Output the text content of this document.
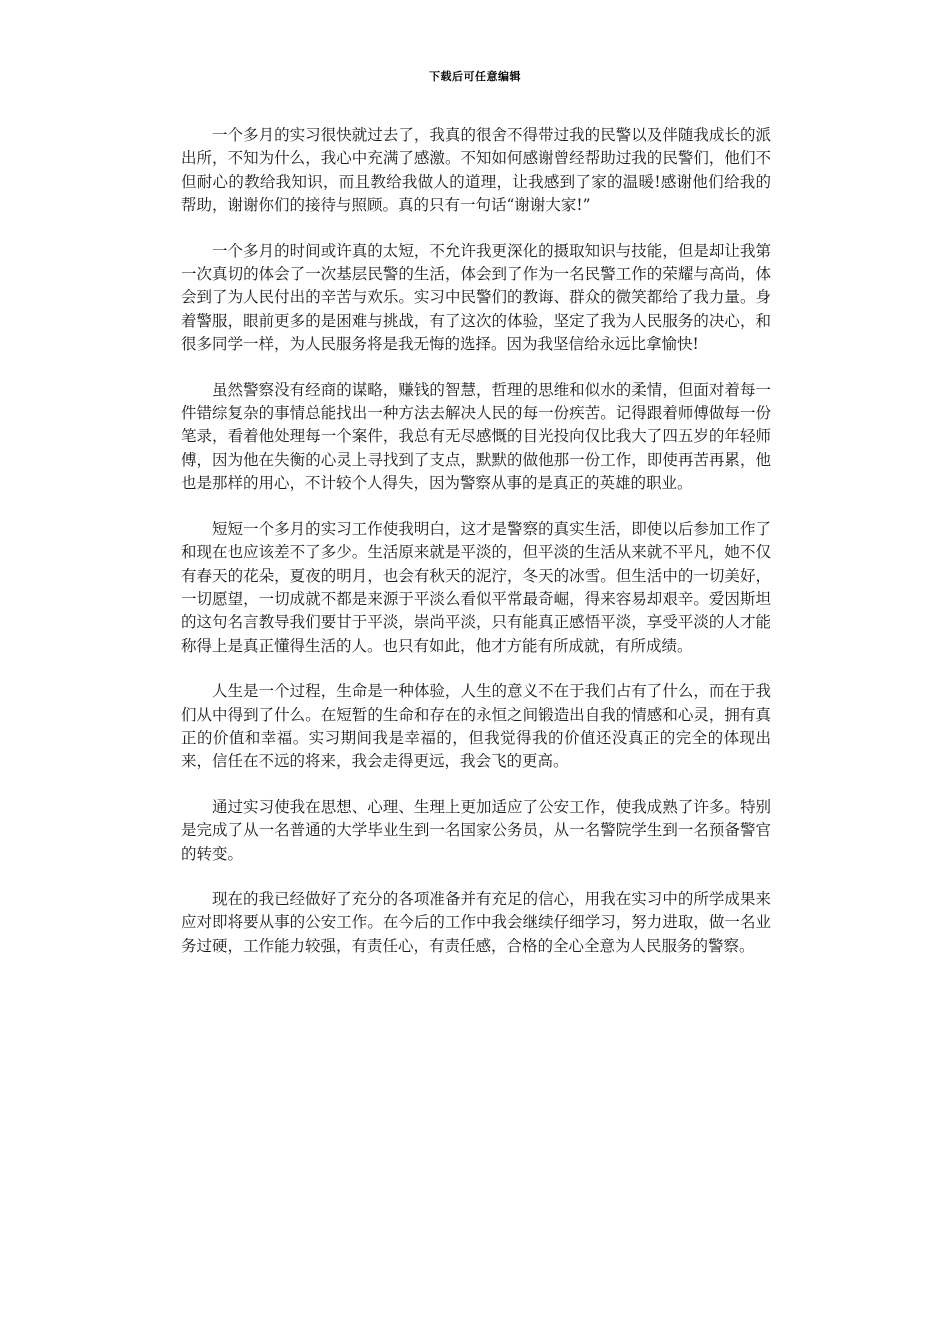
下载后可任意编辑

一个多月的实习很快就过去了，我真的很舍不得带过我的民警以及伴随我成长的派出所，不知为什么，我心中充满了感激。不知如何感谢曾经帮助过我的民警们，他们不但耐心的教给我知识，而且教给我做人的道理，让我感到了家的温暖!感谢他们给我的帮助，谢谢你们的接待与照顾。真的只有一句话“谢谢大家!”

一个多月的时间或许真的太短，不允许我更深化的摄取知识与技能，但是却让我第一次真切的体会了一次基层民警的生活，体会到了作为一名民警工作的荣耀与高尚，体会到了为人民付出的辛苦与欢乐。实习中民警们的教诲、群众的微笑都给了我力量。身着警服，眼前更多的是困难与挑战，有了这次的体验，坚定了我为人民服务的决心，和很多同学一样，为人民服务将是我无悔的选择。因为我坚信给永远比拿愉快!

虽然警察没有经商的谋略，赚钱的智慧，哲理的思维和似水的柔情，但面对着每一件错综复杂的事情总能找出一种方法去解决人民的每一份疾苦。记得跟着师傅做每一份笔录，看着他处理每一个案件，我总有无尽感慨的目光投向仅比我大了四五岁的年轻师傅，因为他在失衡的心灵上寻找到了支点，默默的做他那一份工作，即使再苦再累，他也是那样的用心，不计较个人得失，因为警察从事的是真正的英雄的职业。

短短一个多月的实习工作使我明白，这才是警察的真实生活，即使以后参加工作了和现在也应该差不了多少。生活原来就是平淡的，但平淡的生活从来就不平凡，她不仅有春天的花朵，夏夜的明月，也会有秋天的泥泞，冬天的冰雪。但生活中的一切美好，一切愿望，一切成就不都是来源于平淡么看似平常最奇崛，得来容易却艰辛。爱因斯坦的这句名言教导我们要甘于平淡，崇尚平淡，只有能真正感悟平淡，享受平淡的人才能称得上是真正懂得生活的人。也只有如此，他才方能有所成就，有所成绩。

人生是一个过程，生命是一种体验，人生的意义不在于我们占有了什么，而在于我们从中得到了什么。在短暂的生命和存在的永恒之间锻造出自我的情感和心灵，拥有真正的价值和幸福。实习期间我是幸福的，但我觉得我的价值还没真正的完全的体现出来，信任在不远的将来，我会走得更远，我会飞的更高。

通过实习使我在思想、心理、生理上更加适应了公安工作，使我成熟了许多。特别是完成了从一名普通的大学毕业生到一名国家公务员，从一名警院学生到一名预备警官的转变。

现在的我已经做好了充分的各项准备并有充足的信心，用我在实习中的所学成果来应对即将要从事的公安工作。在今后的工作中我会继续仔细学习，努力进取，做一名业务过硬，工作能力较强，有责任心，有责任感，合格的全心全意为人民服务的警察。
